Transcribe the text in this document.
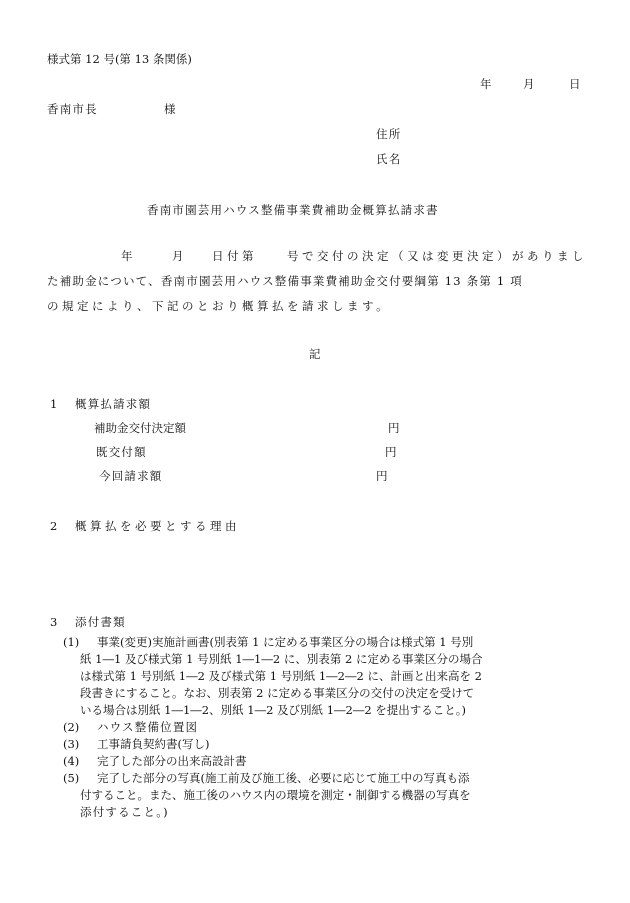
様式第 12 号(第 13 条関係)
年	月	日
香南市長	様
住所
氏名
香南市園芸用ハウス整備事業費補助金概算払請求書
年	月 日付第　　号で交付の決定（又は変更決定）がありまし
た補助金について、香南市園芸用ハウス整備事業費補助金交付要綱第 13 条第 1 項
の規定により、下記のとおり概算払を請求します。
記
1 概算払請求額
補助金交付決定額	円
既交付額	円
今回請求額	円
2 概算払を必要とする理由
3 添付書類
(1) 事業(変更)実施計画書(別表第 1 に定める事業区分の場合は様式第 1 号別
紙 1―1 及び様式第 1 号別紙 1―1―2 に、別表第 2 に定める事業区分の場合
は様式第 1 号別紙 1―2 及び様式第 1 号別紙 1―2―2 に、計画と出来高を 2
段書きにすること。なお、別表第 2 に定める事業区分の交付の決定を受けて
いる場合は別紙 1―1―2、別紙 1―2 及び別紙 1―2―2 を提出すること。)
(2) ハウス整備位置図
(3) 工事請負契約書(写し)
(4) 完了した部分の出来高設計書
(5) 完了した部分の写真(施工前及び施工後、必要に応じて施工中の写真も添
付すること。また、施工後のハウス内の環境を測定・制御する機器の写真を
添付すること。)
